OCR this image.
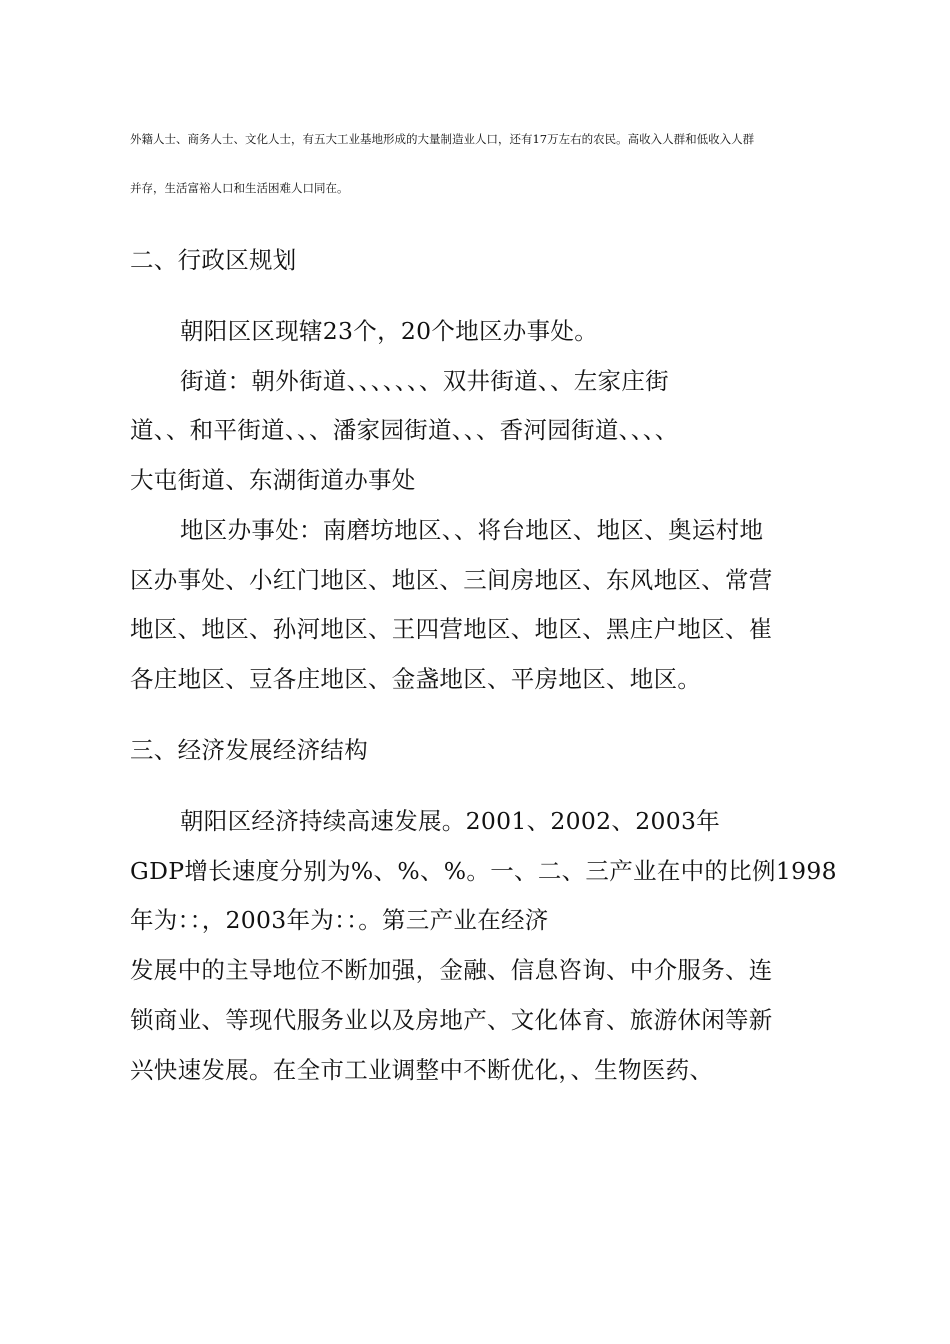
外籍人士、商务人士、文化人士，有五大工业基地形成的大量制造业人口，还有17万左右的农民。高收入人群和低收入人群

并存，生活富裕人口和生活困难人口同在。

二、行政区规划

朝阳区区现辖23个，20个地区办事处。

街道：朝外街道、、、、、、、双井街道、、左家庄街

道、、和平街道、、、潘家园街道、、、香河园街道、、、、

大屯街道、东湖街道办事处

地区办事处：南磨坊地区、、将台地区、地区、奥运村地

区办事处、小红门地区、地区、三间房地区、东风地区、常营

地区、地区、孙河地区、王四营地区、地区、黑庄户地区、崔

各庄地区、豆各庄地区、金盏地区、平房地区、地区。

三、经济发展经济结构

朝阳区经济持续高速发展。2001、2002、2003年

GDP增长速度分别为%、%、%。一、二、三产业在中的比例1998

年为：：，2003年为：：。第三产业在经济

发展中的主导地位不断加强，金融、信息咨询、中介服务、连

锁商业、等现代服务业以及房地产、文化体育、旅游休闲等新

兴快速发展。在全市工业调整中不断优化，、生物医药、
